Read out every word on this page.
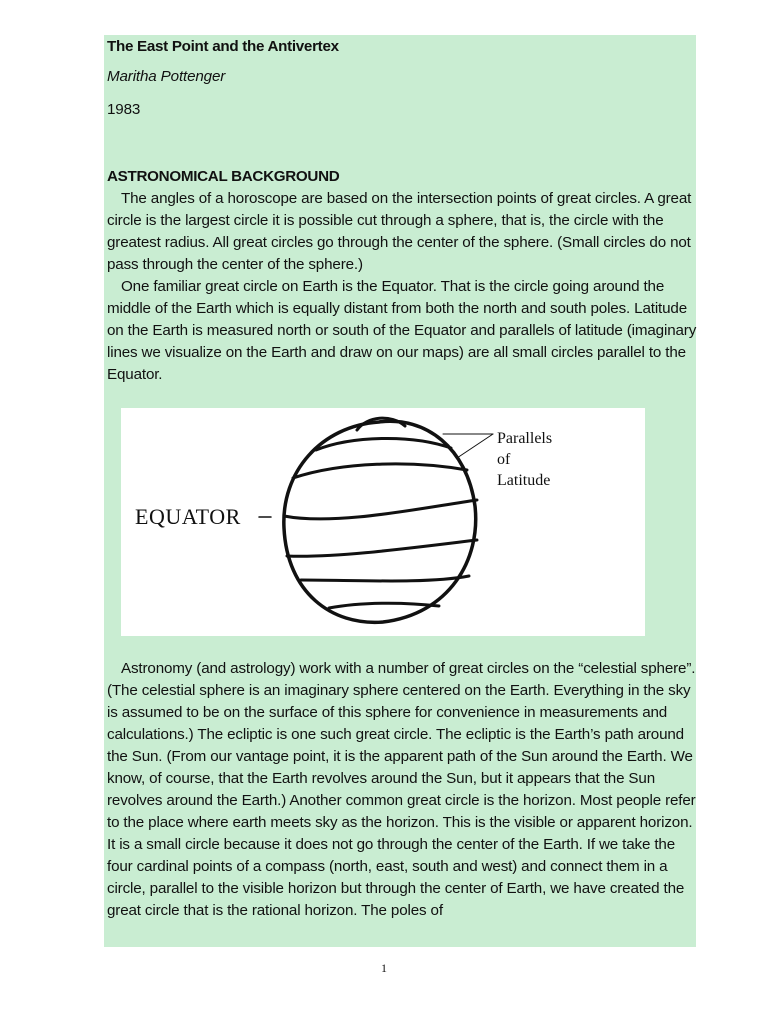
The East Point and the Antivertex
Maritha Pottenger
1983
ASTRONOMICAL BACKGROUND

The angles of a horoscope are based on the intersection points of great circles. A great circle is the largest circle it is possible cut through a sphere, that is, the circle with the greatest radius. All great circles go through the center of the sphere. (Small circles do not pass through the center of the sphere.)

One familiar great circle on Earth is the Equator. That is the circle going around the middle of the Earth which is equally distant from both the north and south poles. Latitude on the Earth is measured north or south of the Equator and parallels of latitude (imaginary lines we visualize on the Earth and draw on our maps) are all small circles parallel to the Equator.

EQUATOR
Parallels
of
Latitude

Astronomy (and astrology) work with a number of great circles on the “celestial sphere”. (The celestial sphere is an imaginary sphere centered on the Earth. Everything in the sky is assumed to be on the surface of this sphere for convenience in measurements and calculations.) The ecliptic is one such great circle. The ecliptic is the Earth’s path around the Sun. (From our vantage point, it is the apparent path of the Sun around the Earth. We know, of course, that the Earth revolves around the Sun, but it appears that the Sun revolves around the Earth.) Another common great circle is the horizon. Most people refer to the place where earth meets sky as the horizon. This is the visible or apparent horizon. It is a small circle because it does not go through the center of the Earth. If we take the four cardinal points of a compass (north, east, south and west) and connect them in a circle, parallel to the visible horizon but through the center of Earth, we have created the great circle that is the rational horizon. The poles of

1
